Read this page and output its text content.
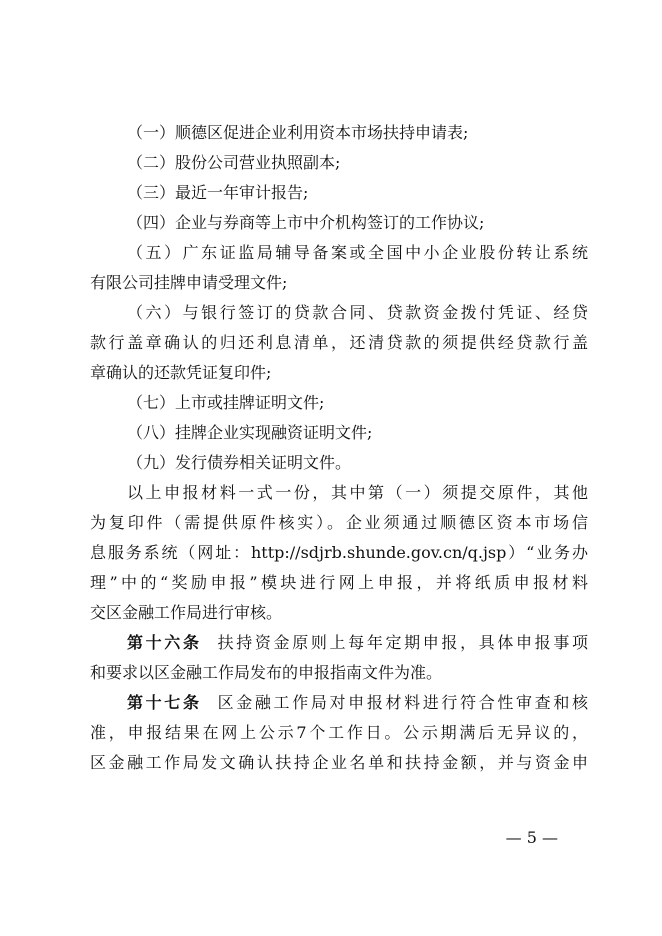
（一）顺德区促进企业利用资本市场扶持申请表;
（二）股份公司营业执照副本;
（三）最近一年审计报告;
（四）企业与券商等上市中介机构签订的工作协议;
（五）广东证监局辅导备案或全国中小企业股份转让系统
有限公司挂牌申请受理文件;
（六）与银行签订的贷款合同、贷款资金拨付凭证、经贷
款行盖章确认的归还利息清单，还清贷款的须提供经贷款行盖
章确认的还款凭证复印件;
（七）上市或挂牌证明文件;
（八）挂牌企业实现融资证明文件;
（九）发行债券相关证明文件。
以上申报材料一式一份，其中第（一）须提交原件，其他
为复印件（需提供原件核实）。企业须通过顺德区资本市场信
息服务系统（网址：http://sdjrb.shunde.gov.cn/q.jsp）“业务办
理”中的“奖励申报”模块进行网上申报，并将纸质申报材料
交区金融工作局进行审核。
第十六条 扶持资金原则上每年定期申报，具体申报事项
和要求以区金融工作局发布的申报指南文件为准。
第十七条 区金融工作局对申报材料进行符合性审查和核
准，申报结果在网上公示7个工作日。公示期满后无异议的，
区金融工作局发文确认扶持企业名单和扶持金额，并与资金申
— 5 —
